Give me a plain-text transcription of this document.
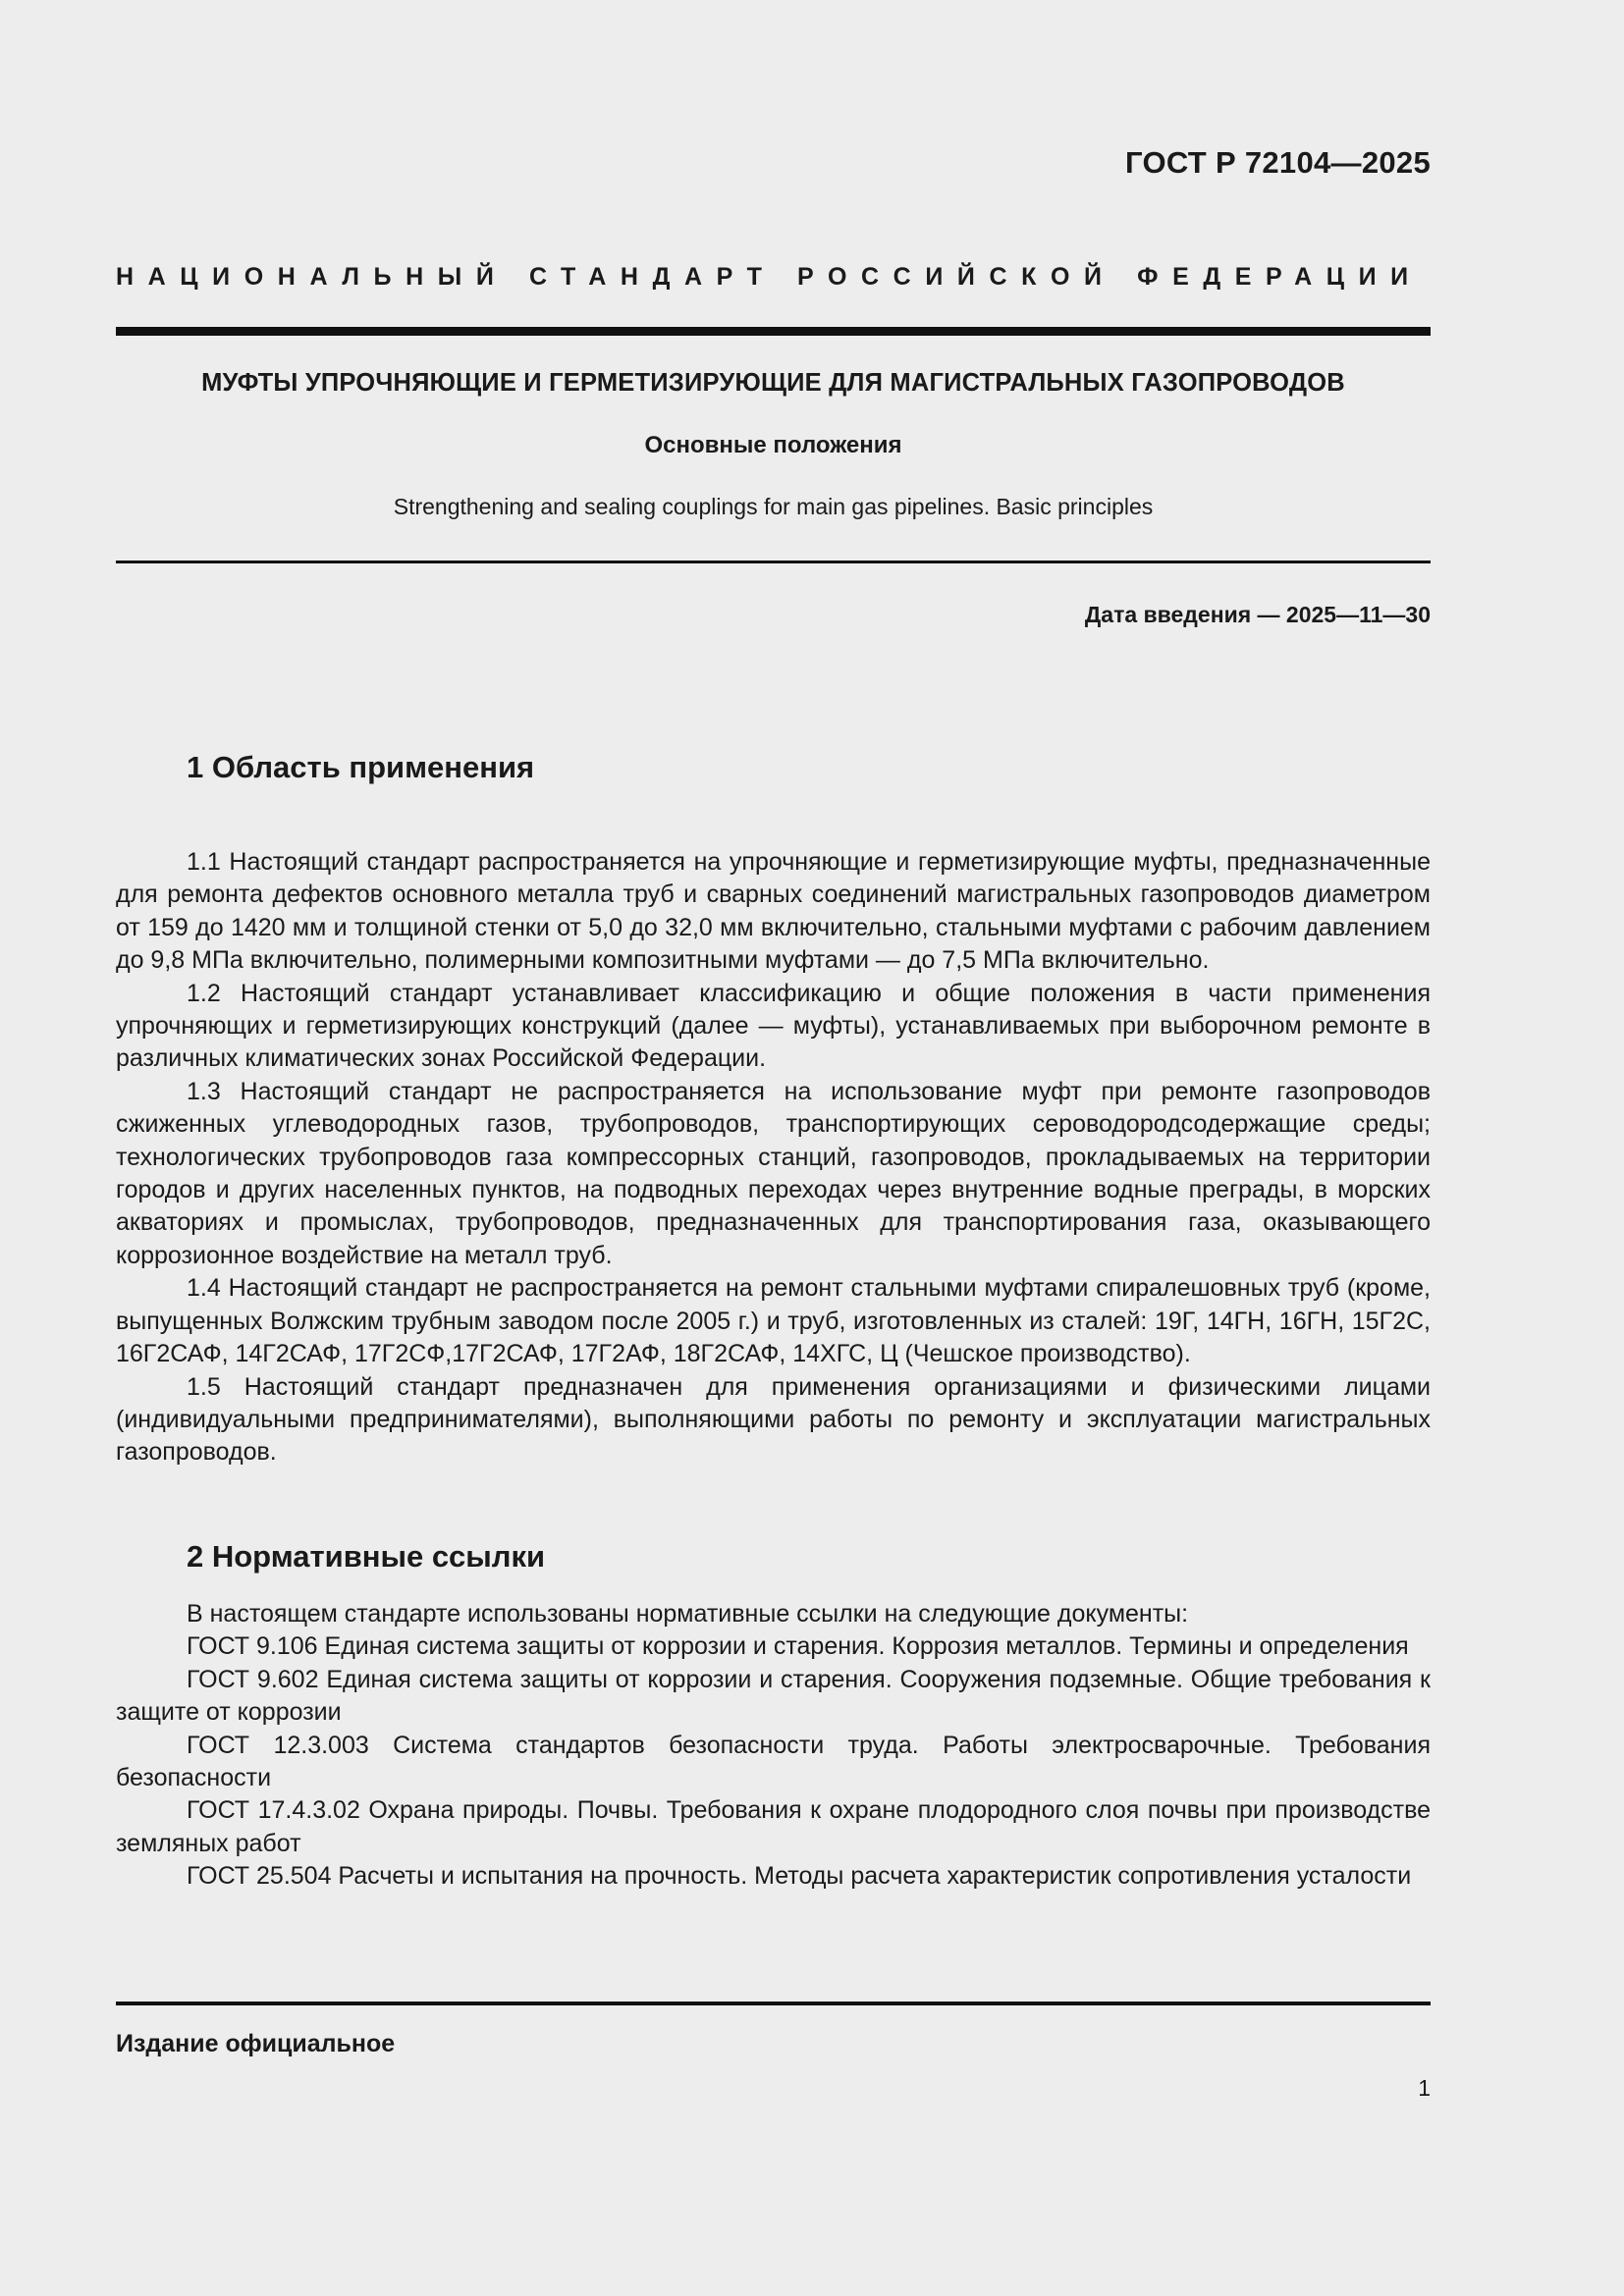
ГОСТ Р 72104—2025
НАЦИОНАЛЬНЫЙ СТАНДАРТ РОССИЙСКОЙ ФЕДЕРАЦИИ
МУФТЫ УПРОЧНЯЮЩИЕ И ГЕРМЕТИЗИРУЮЩИЕ ДЛЯ МАГИСТРАЛЬНЫХ ГАЗОПРОВОДОВ
Основные положения
Strengthening and sealing couplings for main gas pipelines. Basic principles
Дата введения — 2025—11—30
1 Область применения

1.1 Настоящий стандарт распространяется на упрочняющие и герметизирующие муфты, предназначенные для ремонта дефектов основного металла труб и сварных соединений магистральных газопроводов диаметром от 159 до 1420 мм и толщиной стенки от 5,0 до 32,0 мм включительно, стальными муфтами с рабочим давлением до 9,8 МПа включительно, полимерными композитными муфтами — до 7,5 МПа включительно.

1.2 Настоящий стандарт устанавливает классификацию и общие положения в части применения упрочняющих и герметизирующих конструкций (далее — муфты), устанавливаемых при выборочном ремонте в различных климатических зонах Российской Федерации.

1.3 Настоящий стандарт не распространяется на использование муфт при ремонте газопроводов сжиженных углеводородных газов, трубопроводов, транспортирующих сероводородсодержащие среды; технологических трубопроводов газа компрессорных станций, газопроводов, прокладываемых на территории городов и других населенных пунктов, на подводных переходах через внутренние водные преграды, в морских акваториях и промыслах, трубопроводов, предназначенных для транспортирования газа, оказывающего коррозионное воздействие на металл труб.

1.4 Настоящий стандарт не распространяется на ремонт стальными муфтами спиралешовных труб (кроме, выпущенных Волжским трубным заводом после 2005 г.) и труб, изготовленных из сталей: 19Г, 14ГН, 16ГН, 15Г2С, 16Г2САФ, 14Г2САФ, 17Г2СФ,17Г2САФ, 17Г2АФ, 18Г2САФ, 14ХГС, Ц (Чешское производство).

1.5 Настоящий стандарт предназначен для применения организациями и физическими лицами (индивидуальными предпринимателями), выполняющими работы по ремонту и эксплуатации магистральных газопроводов.

2 Нормативные ссылки

В настоящем стандарте использованы нормативные ссылки на следующие документы:

ГОСТ 9.106 Единая система защиты от коррозии и старения. Коррозия металлов. Термины и определения

ГОСТ 9.602 Единая система защиты от коррозии и старения. Сооружения подземные. Общие требования к защите от коррозии

ГОСТ 12.3.003 Система стандартов безопасности труда. Работы электросварочные. Требования безопасности

ГОСТ 17.4.3.02 Охрана природы. Почвы. Требования к охране плодородного слоя почвы при производстве земляных работ

ГОСТ 25.504 Расчеты и испытания на прочность. Методы расчета характеристик сопротивления усталости

Издание официальное
1
